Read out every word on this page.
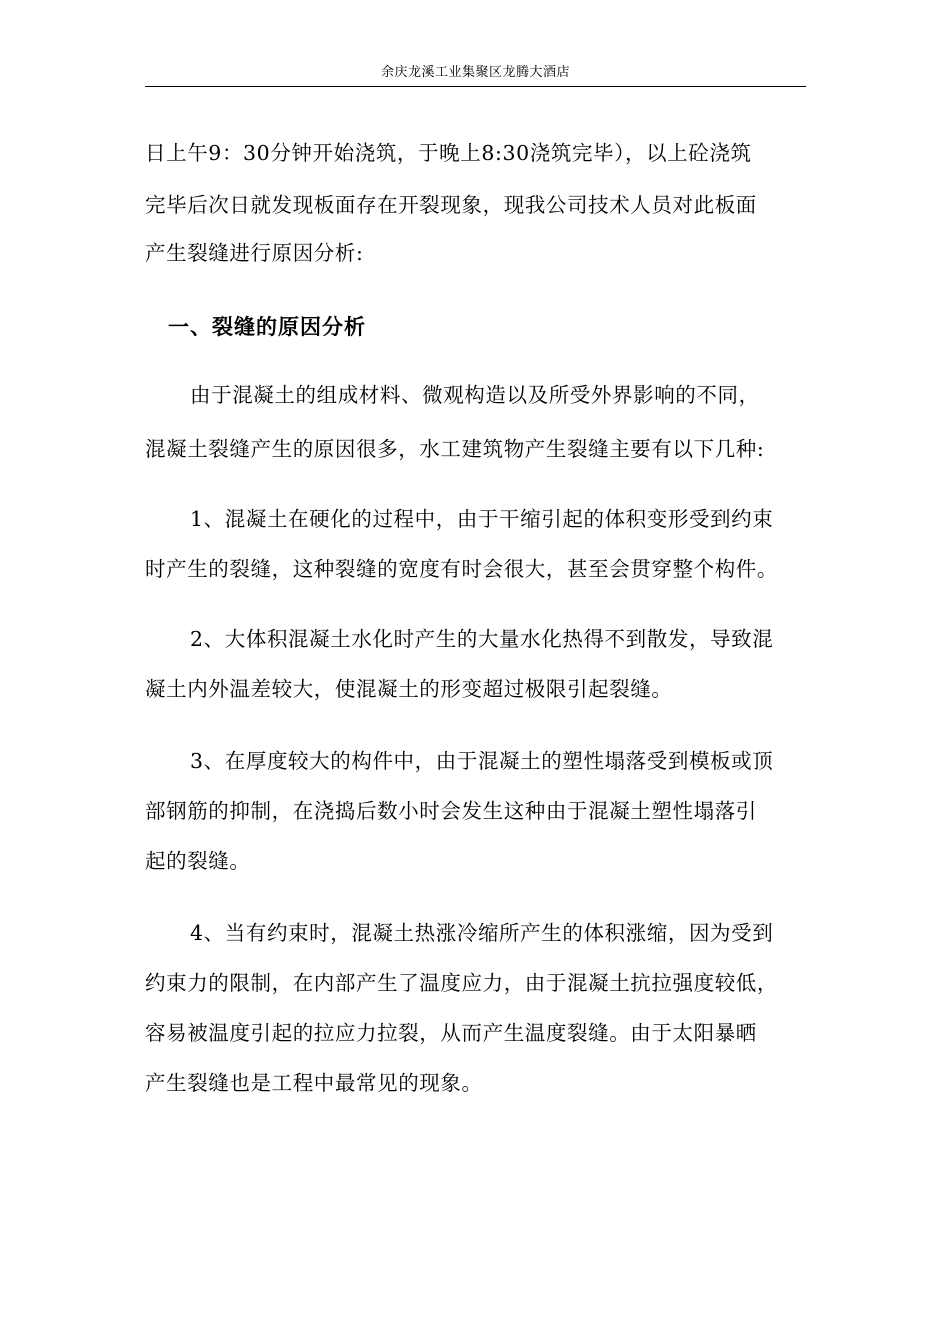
余庆龙溪工业集聚区龙腾大酒店
日上午9：30分钟开始浇筑，于晚上8:30浇筑完毕），以上砼浇筑
完毕后次日就发现板面存在开裂现象，现我公司技术人员对此板面
产生裂缝进行原因分析:
一、裂缝的原因分析
由于混凝土的组成材料、微观构造以及所受外界影响的不同，
混凝土裂缝产生的原因很多，水工建筑物产生裂缝主要有以下几种:
1、混凝土在硬化的过程中，由于干缩引起的体积变形受到约束
时产生的裂缝，这种裂缝的宽度有时会很大，甚至会贯穿整个构件。
2、大体积混凝土水化时产生的大量水化热得不到散发，导致混
凝土内外温差较大，使混凝土的形变超过极限引起裂缝。
3、在厚度较大的构件中，由于混凝土的塑性塌落受到模板或顶
部钢筋的抑制，在浇捣后数小时会发生这种由于混凝土塑性塌落引
起的裂缝。
4、当有约束时，混凝土热涨冷缩所产生的体积涨缩，因为受到
约束力的限制，在内部产生了温度应力，由于混凝土抗拉强度较低，
容易被温度引起的拉应力拉裂，从而产生温度裂缝。由于太阳暴晒
产生裂缝也是工程中最常见的现象。
